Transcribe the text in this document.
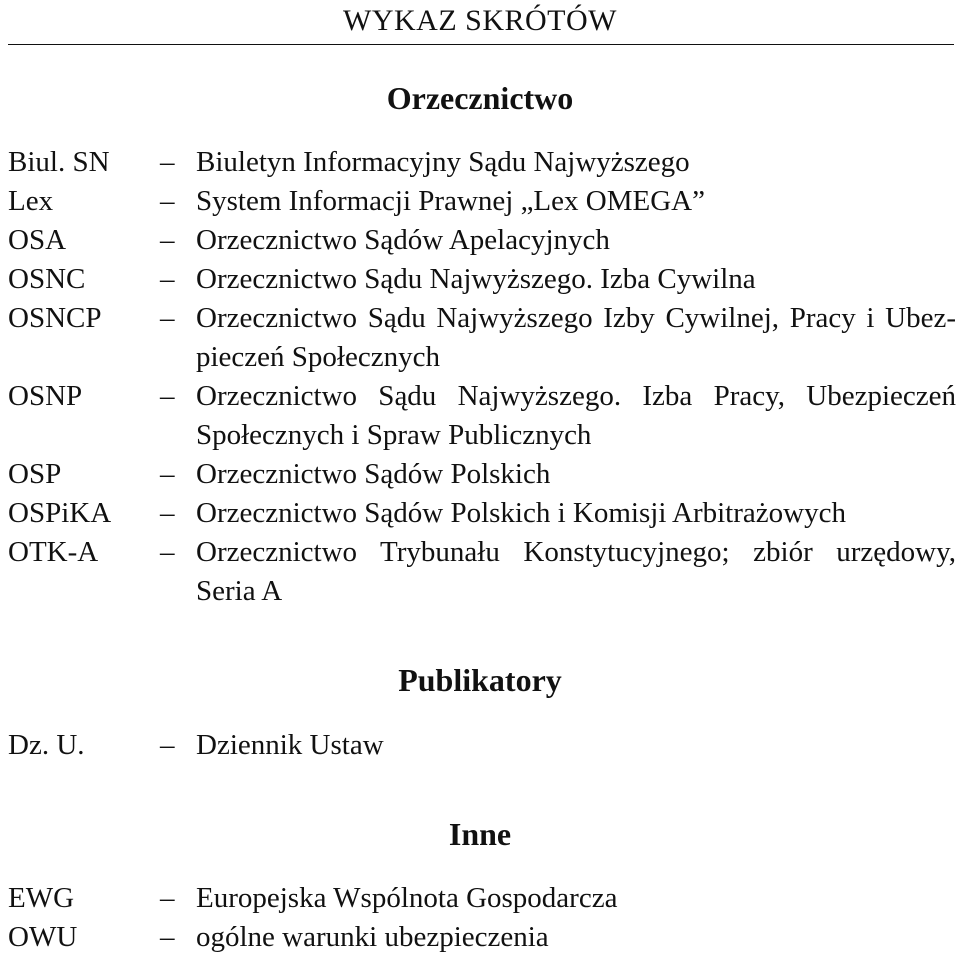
WYKAZ SKRÓTÓW
Orzecznictwo
Biul. SN	– Biuletyn Informacyjny Sądu Najwyższego
Lex	– System Informacji Prawnej „Lex OMEGA”
OSA	– Orzecznictwo Sądów Apelacyjnych
OSNC	– Orzecznictwo Sądu Najwyższego. Izba Cywilna
OSNCP	– Orzecznictwo Sądu Najwyższego Izby Cywilnej, Pracy i Ubez-
pieczeń Społecznych
OSNP	– Orzecznictwo Sądu Najwyższego. Izba Pracy, Ubezpieczeń
Społecznych i Spraw Publicznych
OSP	– Orzecznictwo Sądów Polskich
OSPiKA	– Orzecznictwo Sądów Polskich i Komisji Arbitrażowych
OTK-A	– Orzecznictwo Trybunału Konstytucyjnego; zbiór urzędowy,
Seria A
Publikatory
Dz. U.	– Dziennik Ustaw
Inne
EWG	– Europejska Wspólnota Gospodarcza
OWU	– ogólne warunki ubezpieczenia
